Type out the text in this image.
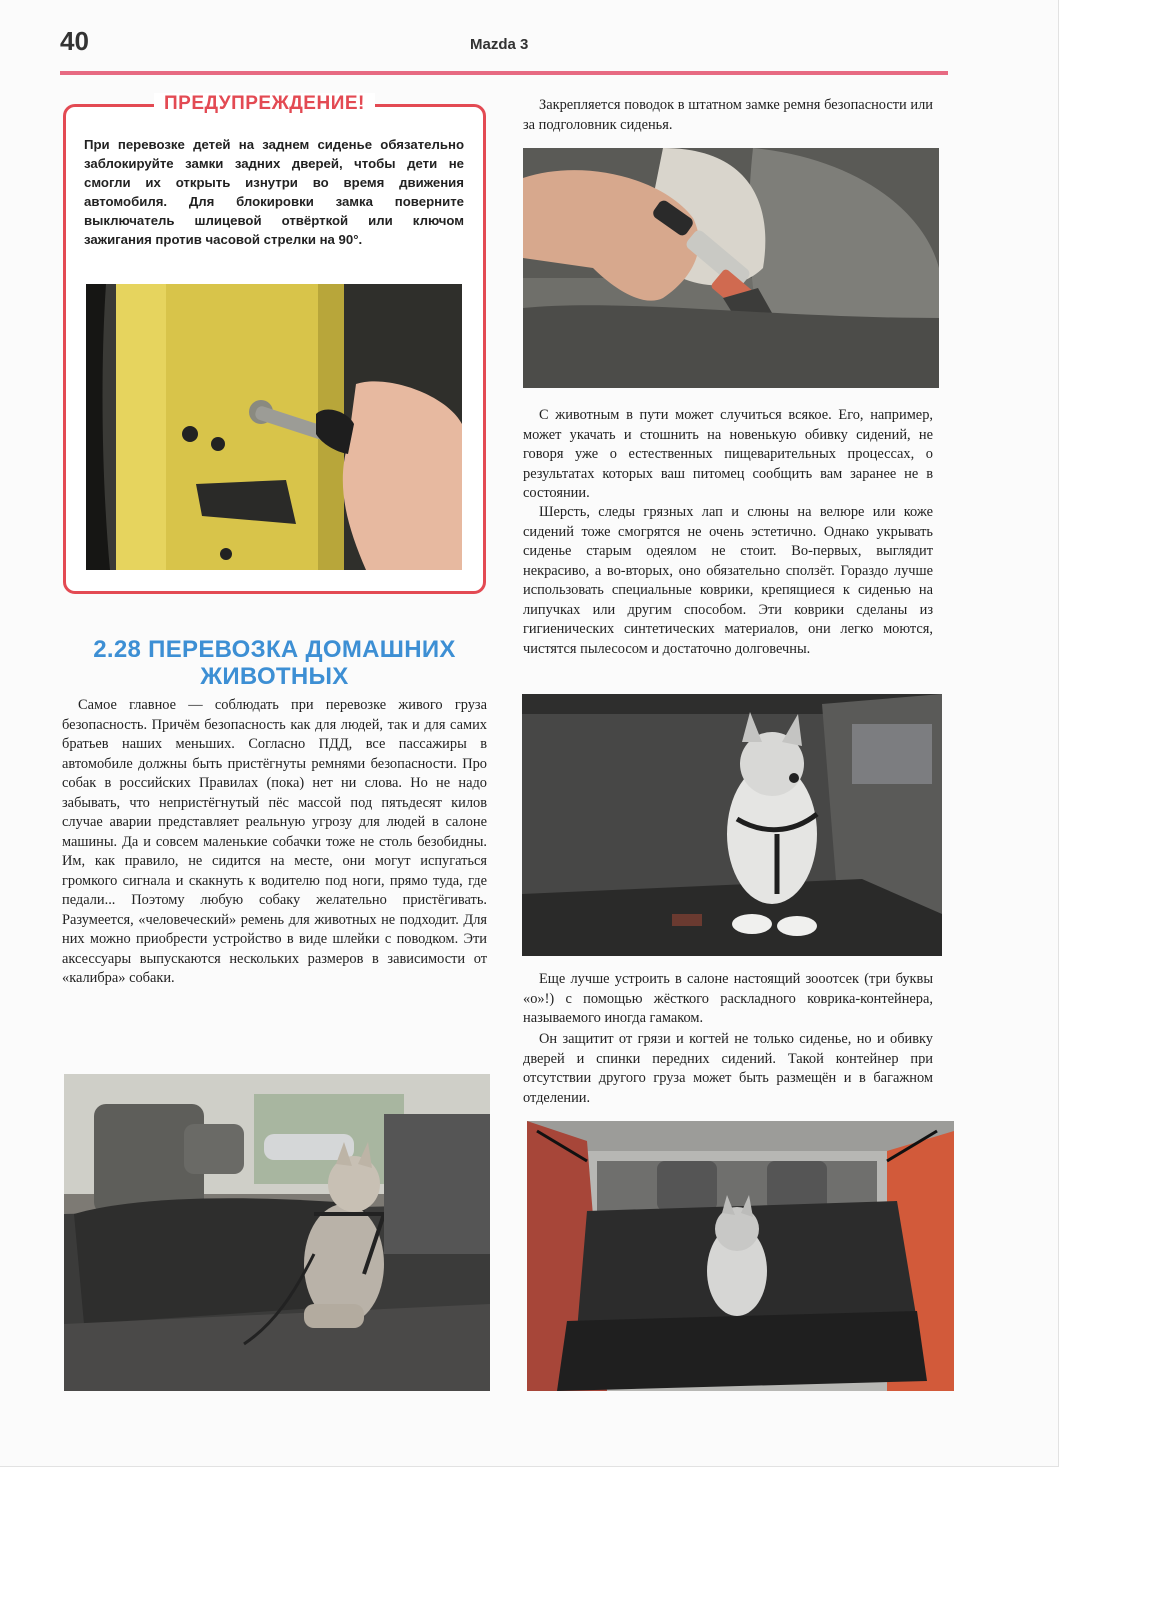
40	Mazda 3
ПРЕДУПРЕЖДЕНИЕ!
При перевозке детей на заднем сиденье обязательно заблокируйте замки задних дверей, чтобы дети не смогли их открыть изнутри во время движения автомобиля. Для блокировки замка поверните выключатель шлицевой отвёрткой или ключом зажигания против часовой стрелки на 90°.
2.28 ПЕРЕВОЗКА ДОМАШНИХ ЖИВОТНЫХ

Самое главное — соблюдать при перевозке живого груза безопасность. Причём безопасность как для людей, так и для самих братьев наших меньших. Согласно ПДД, все пассажиры в автомобиле должны быть пристёгнуты ремнями безопасности. Про собак в российских Правилах (пока) нет ни слова. Но не надо забывать, что непристёгнутый пёс массой под пятьдесят килов случае аварии представляет реальную угрозу для людей в салоне машины. Да и совсем маленькие собачки тоже не столь безобидны. Им, как правило, не сидится на месте, они могут испугаться громкого сигнала и скакнуть к водителю под ноги, прямо туда, где педали... Поэтому любую собаку желательно пристёгивать. Разумеется, «человеческий» ремень для животных не подходит. Для них можно приобрести устройство в виде шлейки с поводком. Эти аксессуары выпускаются нескольких размеров в зависимости от «калибра» собаки.

Закрепляется поводок в штатном замке ремня безопасности или за подголовник сиденья.

С животным в пути может случиться всякое. Его, например, может укачать и стошнить на новенькую обивку сидений, не говоря уже о естественных пищеварительных процессах, о результатах которых ваш питомец сообщить вам заранее не в состоянии.

Шерсть, следы грязных лап и слюны на велюре или коже сидений тоже смогрятся не очень эстетично. Однако укрывать сиденье старым одеялом не стоит. Во-первых, выглядит некрасиво, а во-вторых, оно обязательно сползёт. Гораздо лучше использовать специальные коврики, крепящиеся к сиденью на липучках или другим способом. Эти коврики сделаны из гигиенических синтетических материалов, они легко моются, чистятся пылесосом и достаточно долговечны.

Еще лучше устроить в салоне настоящий зооотсек (три буквы «о»!) с помощью жёсткого раскладного коврика-контейнера, называемого иногда гамаком.

Он защитит от грязи и когтей не только сиденье, но и обивку дверей и спинки передних сидений. Такой контейнер при отсутствии другого груза может быть размещён и в багажном отделении.
